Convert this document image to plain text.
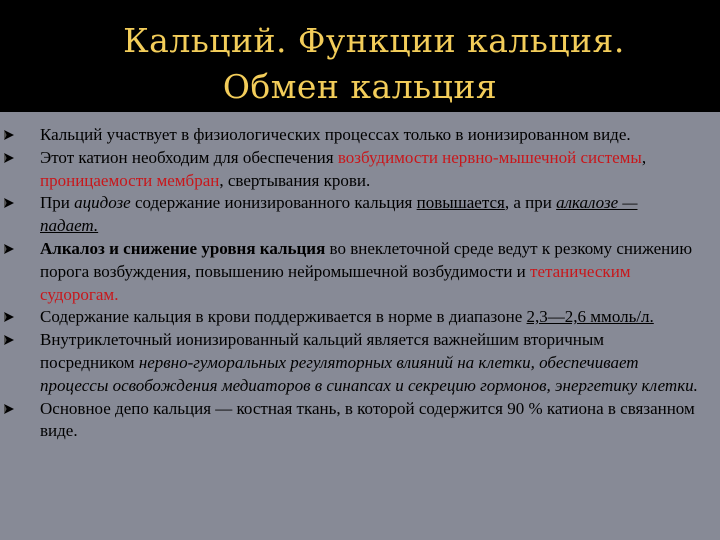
Кальций. Функции кальция.
Обмен кальция
Кальций участвует в физиологических процессах только в ионизированном виде.
Этот катион необходим для обеспечения возбудимости нервно-мышечной системы, проницаемости мембран, свертывания крови.
При ацидозе содержание ионизированного кальция повышается, а при алкалозе — падает.
Алкалоз и снижение уровня кальция во внеклеточной среде ведут к резкому снижению порога возбуждения, повышению нейромышечной возбудимости и тетаническим судорогам.
Содержание кальция в крови поддерживается в норме в диапазоне 2,3—2,6 ммоль/л.
Внутриклеточный ионизированный кальций является важнейшим вторичным посредником нервно-гуморальных регуляторных влияний на клетки, обеспечивает процессы освобождения медиаторов в синапсах и секрецию гормонов, энергетику клетки.
Основное депо кальция — костная ткань, в которой содержится 90 % катиона в связанном виде.
